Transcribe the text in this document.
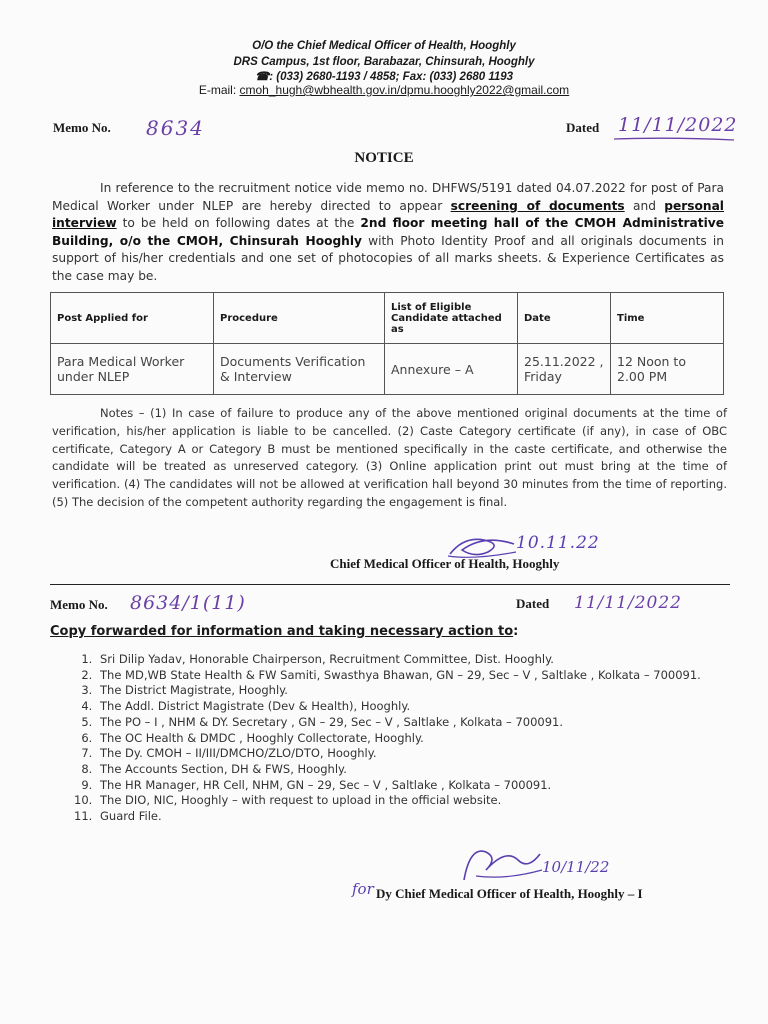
O/O the Chief Medical Officer of Health, Hooghly
DRS Campus, 1st floor, Barabazar, Chinsurah, Hooghly
☎: (033) 2680-1193 / 4858; Fax: (033) 2680 1193
E-mail: cmoh_hugh@wbhealth.gov.in/dpmu.hooghly2022@gmail.com
Memo No. 8634	Dated 11/11/2022
NOTICE
In reference to the recruitment notice vide memo no. DHFWS/5191 dated 04.07.2022 for post of Para Medical Worker under NLEP are hereby directed to appear screening of documents and personal interview to be held on following dates at the 2nd floor meeting hall of the CMOH Administrative Building, o/o the CMOH, Chinsurah Hooghly with Photo Identity Proof and all originals documents in support of his/her credentials and one set of photocopies of all marks sheets. & Experience Certificates as the case may be.
Post Applied for	Procedure	List of Eligible Candidate attached as	Date	Time
Para Medical Worker under NLEP	Documents Verification & Interview	Annexure – A	25.11.2022 , Friday	12 Noon to 2.00 PM
Notes – (1) In case of failure to produce any of the above mentioned original documents at the time of verification, his/her application is liable to be cancelled. (2) Caste Category certificate (if any), in case of OBC certificate, Category A or Category B must be mentioned specifically in the caste certificate, and otherwise the candidate will be treated as unreserved category. (3) Online application print out must bring at the time of verification. (4) The candidates will not be allowed at verification hall beyond 30 minutes from the time of reporting. (5) The decision of the competent authority regarding the engagement is final.
10.11.22
Chief Medical Officer of Health, Hooghly
Memo No. 8634/1(11)	Dated 11/11/2022
Copy forwarded for information and taking necessary action to:
1. Sri Dilip Yadav, Honorable Chairperson, Recruitment Committee, Dist. Hooghly.
2. The MD,WB State Health & FW Samiti, Swasthya Bhawan, GN – 29, Sec – V , Saltlake , Kolkata – 700091.
3. The District Magistrate, Hooghly.
4. The Addl. District Magistrate (Dev & Health), Hooghly.
5. The PO – I , NHM & DY. Secretary , GN – 29, Sec – V , Saltlake , Kolkata – 700091.
6. The OC Health & DMDC , Hooghly Collectorate, Hooghly.
7. The Dy. CMOH – II/III/DMCHO/ZLO/DTO, Hooghly.
8. The Accounts Section, DH & FWS, Hooghly.
9. The HR Manager, HR Cell, NHM, GN – 29, Sec – V , Saltlake , Kolkata – 700091.
10. The DIO, NIC, Hooghly – with request to upload in the official website.
11. Guard File.
10/11/22
for Dy Chief Medical Officer of Health, Hooghly – I
